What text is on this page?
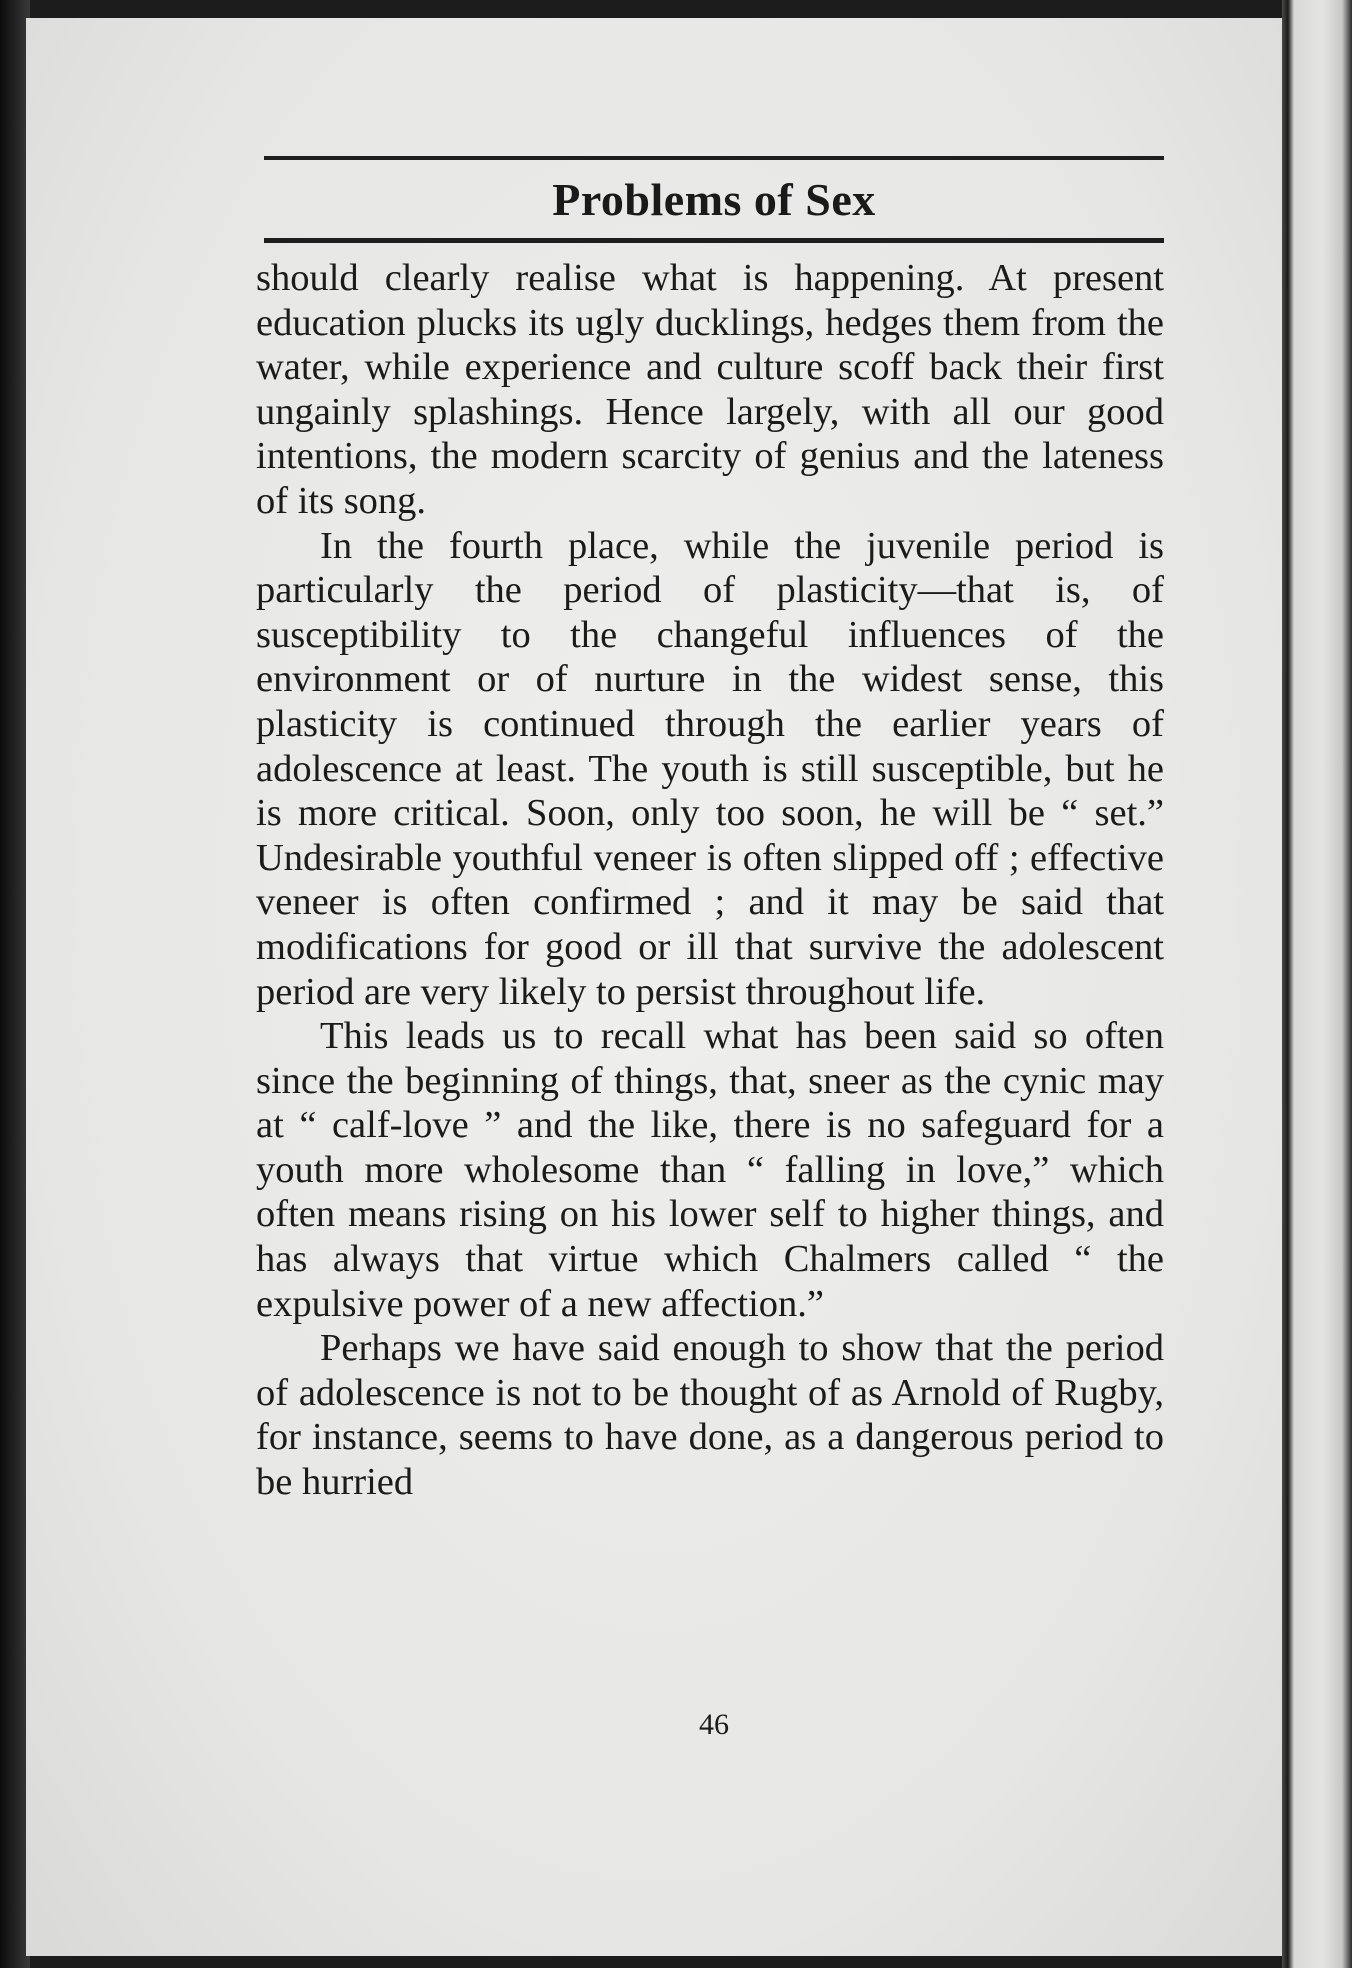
Problems of Sex

should clearly realise what is happening. At present education plucks its ugly ducklings, hedges them from the water, while experience and culture scoff back their first ungainly splashings. Hence largely, with all our good intentions, the modern scarcity of genius and the lateness of its song.

In the fourth place, while the juvenile period is particularly the period of plasticity—that is, of susceptibility to the changeful influences of the environment or of nurture in the widest sense, this plasticity is continued through the earlier years of adolescence at least. The youth is still susceptible, but he is more critical. Soon, only too soon, he will be “ set.” Undesirable youthful veneer is often slipped off ; effective veneer is often confirmed ; and it may be said that modifications for good or ill that survive the adolescent period are very likely to persist throughout life.

This leads us to recall what has been said so often since the beginning of things, that, sneer as the cynic may at “ calf-love ” and the like, there is no safeguard for a youth more wholesome than “ falling in love,” which often means rising on his lower self to higher things, and has always that virtue which Chalmers called “ the expulsive power of a new affection.”

Perhaps we have said enough to show that the period of adolescence is not to be thought of as Arnold of Rugby, for instance, seems to have done, as a dangerous period to be hurried

46
